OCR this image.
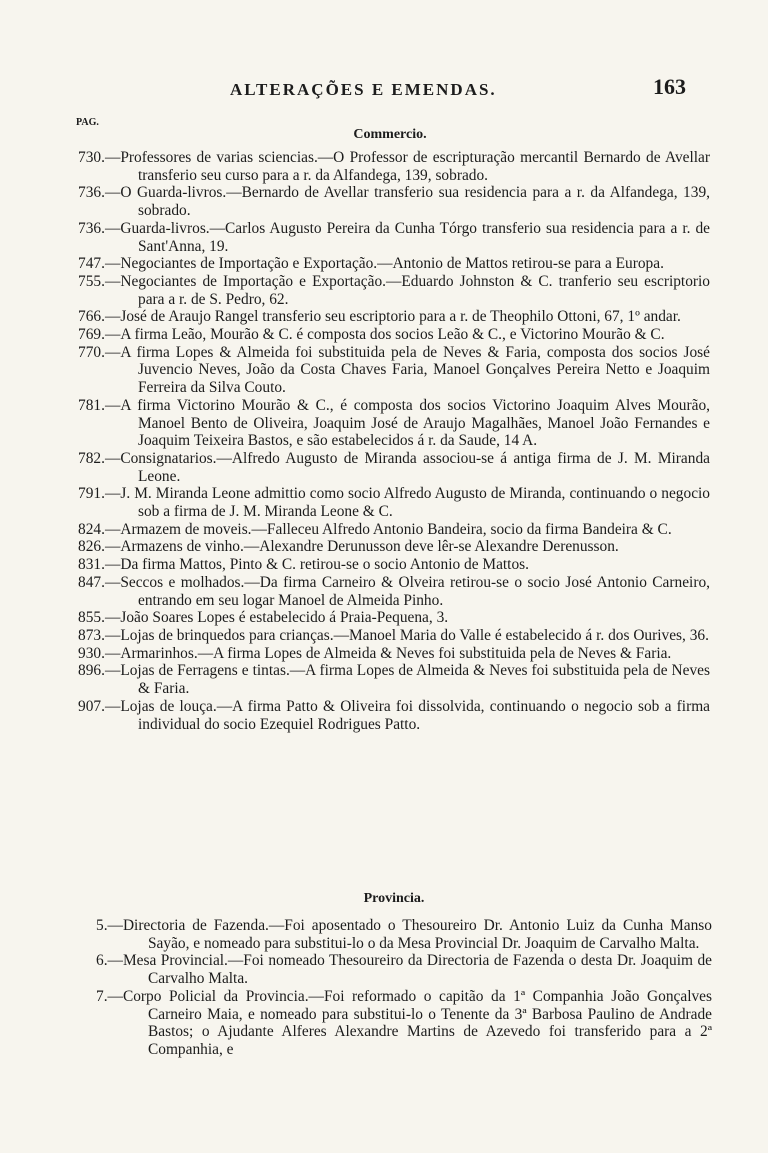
ALTERAÇÕES E EMENDAS.	163
PAG.
Commercio.
730.—Professores de varias sciencias.—O Professor de escripturação mercantil Bernardo de Avellar transferio seu curso para a r. da Alfandega, 139, sobrado.
736.—O Guarda-livros.—Bernardo de Avellar transferio sua residencia para a r. da Alfandega, 139, sobrado.
736.—Guarda-livros.—Carlos Augusto Pereira da Cunha Tórgo transferio sua residencia para a r. de Sant'Anna, 19.
747.—Negociantes de Importação e Exportação.—Antonio de Mattos retirou-se para a Europa.
755.—Negociantes de Importação e Exportação.—Eduardo Johnston & C. tranferio seu escriptorio para a r. de S. Pedro, 62.
766.—José de Araujo Rangel transferio seu escriptorio para a r. de Theophilo Ottoni, 67, 1º andar.
769.—A firma Leão, Mourão & C. é composta dos socios Leão & C., e Victorino Mourão & C.
770.—A firma Lopes & Almeida foi substituida pela de Neves & Faria, composta dos socios José Juvencio Neves, João da Costa Chaves Faria, Manoel Gonçalves Pereira Netto e Joaquim Ferreira da Silva Couto.
781.—A firma Victorino Mourão & C., é composta dos socios Victorino Joaquim Alves Mourão, Manoel Bento de Oliveira, Joaquim José de Araujo Magalhães, Manoel João Fernandes e Joaquim Teixeira Bastos, e são estabelecidos á r. da Saude, 14 A.
782.—Consignatarios.—Alfredo Augusto de Miranda associou-se á antiga firma de J. M. Miranda Leone.
791.—J. M. Miranda Leone admittio como socio Alfredo Augusto de Miranda, continuando o negocio sob a firma de J. M. Miranda Leone & C.
824.—Armazem de moveis.—Falleceu Alfredo Antonio Bandeira, socio da firma Bandeira & C.
826.—Armazens de vinho.—Alexandre Derunusson deve lêr-se Alexandre Derenusson.
831.—Da firma Mattos, Pinto & C. retirou-se o socio Antonio de Mattos.
847.—Seccos e molhados.—Da firma Carneiro & Olveira retirou-se o socio José Antonio Carneiro, entrando em seu logar Manoel de Almeida Pinho.
855.—João Soares Lopes é estabelecido á Praia-Pequena, 3.
873.—Lojas de brinquedos para crianças.—Manoel Maria do Valle é estabelecido á r. dos Ourives, 36.
930.—Armarinhos.—A firma Lopes de Almeida & Neves foi substituida pela de Neves & Faria.
896.—Lojas de Ferragens e tintas.—A firma Lopes de Almeida & Neves foi substituida pela de Neves & Faria.
907.—Lojas de louça.—A firma Patto & Oliveira foi dissolvida, continuando o negocio sob a firma individual do socio Ezequiel Rodrigues Patto.
Provincia.
5.—Directoria de Fazenda.—Foi aposentado o Thesoureiro Dr. Antonio Luiz da Cunha Manso Sayão, e nomeado para substitui-lo o da Mesa Provincial Dr. Joaquim de Carvalho Malta.
6.—Mesa Provincial.—Foi nomeado Thesoureiro da Directoria de Fazenda o desta Dr. Joaquim de Carvalho Malta.
7.—Corpo Policial da Provincia.—Foi reformado o capitão da 1ª Companhia João Gonçalves Carneiro Maia, e nomeado para substitui-lo o Tenente da 3ª Barbosa Paulino de Andrade Bastos; o Ajudante Alferes Alexandre Martins de Azevedo foi transferido para a 2ª Companhia, e
